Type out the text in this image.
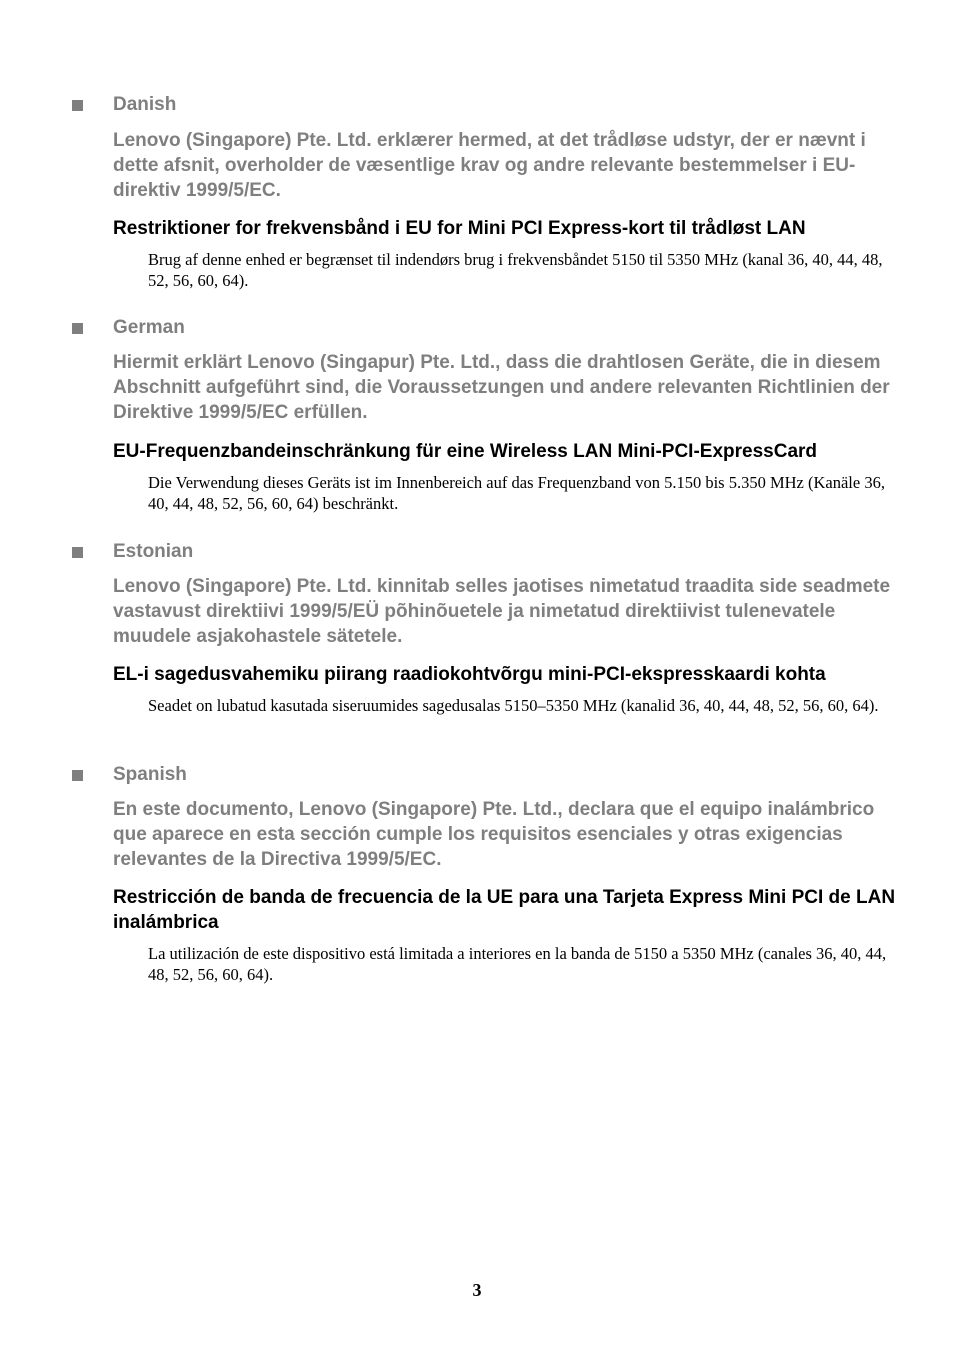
Danish

Lenovo (Singapore) Pte. Ltd. erklærer hermed, at det trådløse udstyr, der er nævnt i dette afsnit, overholder de væsentlige krav og andre relevante bestemmelser i EU-direktiv 1999/5/EC.

Restriktioner for frekvensbånd i EU for Mini PCI Express-kort til trådløst LAN

Brug af denne enhed er begrænset til indendørs brug i frekvensbåndet 5150 til 5350 MHz (kanal 36, 40, 44, 48, 52, 56, 60, 64).

German

Hiermit erklärt Lenovo (Singapur) Pte. Ltd., dass die drahtlosen Geräte, die in diesem Abschnitt aufgeführt sind, die Voraussetzungen und andere relevanten Richtlinien der Direktive 1999/5/EC erfüllen.

EU-Frequenzbandeinschränkung für eine Wireless LAN Mini-PCI-ExpressCard

Die Verwendung dieses Geräts ist im Innenbereich auf das Frequenzband von 5.150 bis 5.350 MHz (Kanäle 36, 40, 44, 48, 52, 56, 60, 64) beschränkt.

Estonian

Lenovo (Singapore) Pte. Ltd. kinnitab selles jaotises nimetatud traadita side seadmete vastavust direktiivi 1999/5/EÜ põhinõuetele ja nimetatud direktiivist tulenevatele muudele asjakohastele sätetele.

EL-i sagedusvahemiku piirang raadiokohtvõrgu mini-PCI-ekspresskaardi kohta

Seadet on lubatud kasutada siseruumides sagedusalas 5150–5350 MHz (kanalid 36, 40, 44, 48, 52, 56, 60, 64).

Spanish

En este documento, Lenovo (Singapore) Pte. Ltd., declara que el equipo inalámbrico que aparece en esta sección cumple los requisitos esenciales y otras exigencias relevantes de la Directiva 1999/5/EC.

Restricción de banda de frecuencia de la UE para una Tarjeta Express Mini PCI de LAN inalámbrica

La utilización de este dispositivo está limitada a interiores en la banda de 5150 a 5350 MHz (canales 36, 40, 44, 48, 52, 56, 60, 64).

3
